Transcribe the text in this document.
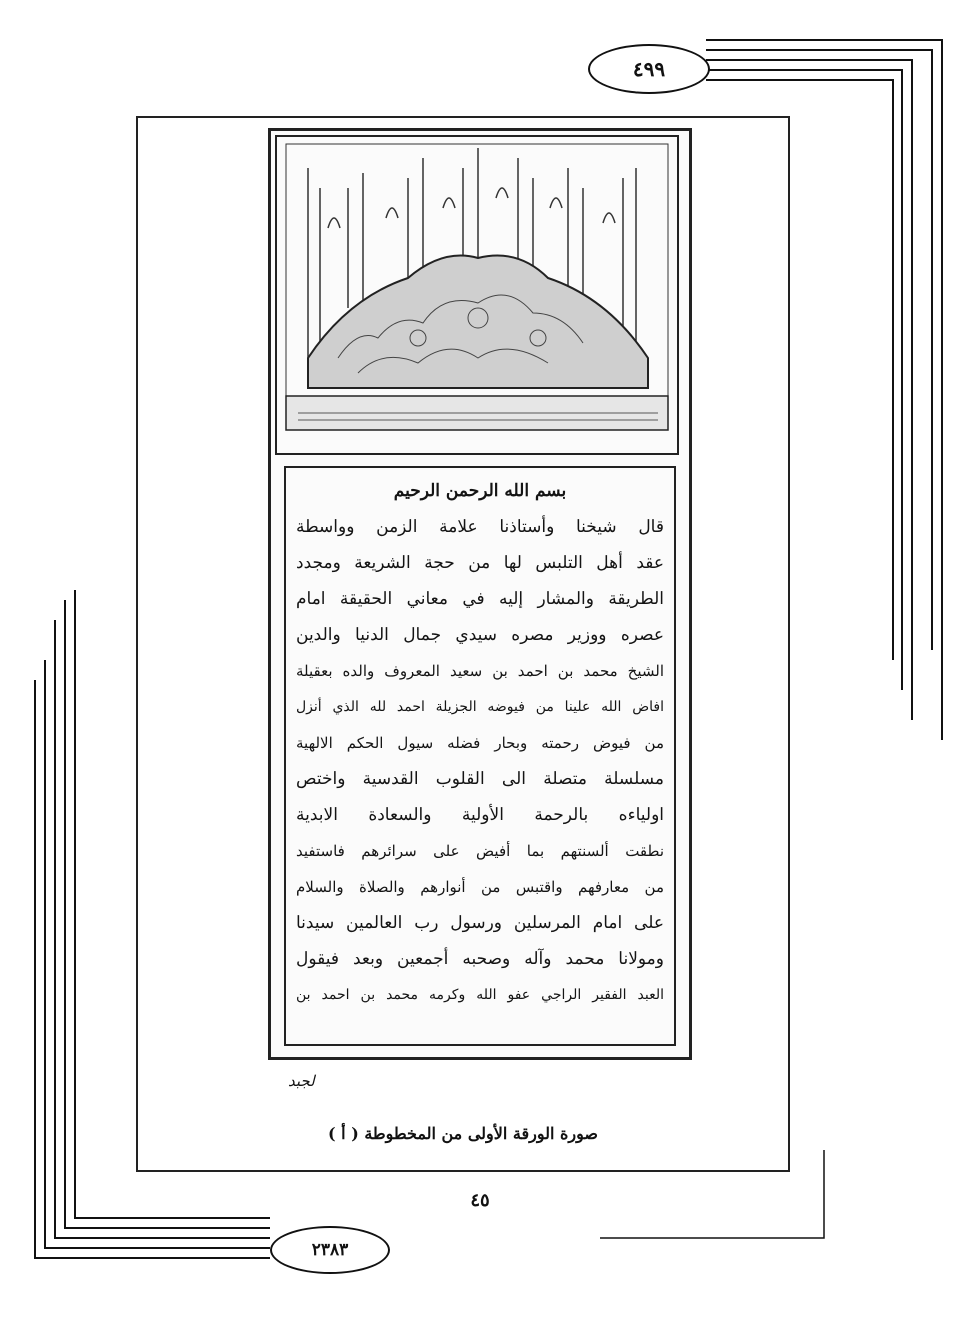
٤٩٩
بسم الله الرحمن الرحيم
قال شيخنا وأستاذنا علامة الزمن وواسطة
عقد أهل التلبس لها من حجة الشريعة ومجدد
الطريقة والمشار إليه في معاني الحقيقة امام
عصره ووزير مصره سيدي جمال الدنيا والدين
الشيخ محمد بن احمد بن سعيد المعروف والده بعقيلة
افاض الله علينا من فيوضه الجزيلة احمد لله الذي أنزل
من فيوض رحمته وبحار فضله سيول الحكم الالهية
مسلسلة متصلة الى القلوب القدسية واختص
اولياءه بالرحمة الأولية والسعادة الابدية
نطقت ألسنتهم بما أفيض على سرائرهم فاستفيد
من معارفهم واقتبس من أنوارهم والصلاة والسلام
على امام المرسلين ورسول رب العالمين سيدنا
ومولانا محمد وآله وصحبه أجمعين وبعد فيقول
العبد الفقير الراجي عفو الله وكرمه محمد بن احمد بن
لجبد
صورة الورقة الأولى من المخطوطة ( أ )
٤٥
٢٣٨٣
